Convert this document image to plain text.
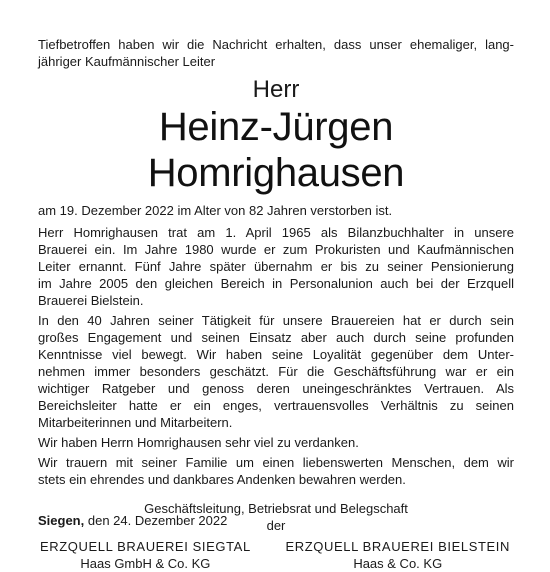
Tiefbetroffen haben wir die Nachricht erhalten, dass unser ehemaliger, lang-
jähriger Kaufmännischer Leiter

Herr
Heinz-Jürgen Homrighausen

am 19. Dezember 2022 im Alter von 82 Jahren verstorben ist.

Herr Homrighausen trat am 1. April 1965 als Bilanzbuchhalter in unsere
Brauerei ein. Im Jahre 1980 wurde er zum Prokuristen und Kaufmännischen
Leiter ernannt. Fünf Jahre später übernahm er bis zu seiner Pensionierung
im Jahre 2005 den gleichen Bereich in Personalunion auch bei der Erzquell
Brauerei Bielstein.

In den 40 Jahren seiner Tätigkeit für unsere Brauereien hat er durch sein
großes Engagement und seinen Einsatz aber auch durch seine profunden
Kenntnisse viel bewegt. Wir haben seine Loyalität gegenüber dem Unter-
nehmen immer besonders geschätzt. Für die Geschäftsführung war er ein
wichtiger Ratgeber und genoss deren uneingeschränktes Vertrauen. Als
Bereichsleiter hatte er ein enges, vertrauensvolles Verhältnis zu seinen
Mitarbeiterinnen und Mitarbeitern.

Wir haben Herrn Homrighausen sehr viel zu verdanken.

Wir trauern mit seiner Familie um einen liebenswerten Menschen, dem wir
stets ein ehrendes und dankbares Andenken bewahren werden.

Geschäftsleitung, Betriebsrat und Belegschaft
der
ERZQUELL BRAUEREI SIEGTAL
Haas GmbH & Co. KG
ERZQUELL BRAUEREI BIELSTEIN
Haas & Co. KG
Siegen, den 24. Dezember 2022
